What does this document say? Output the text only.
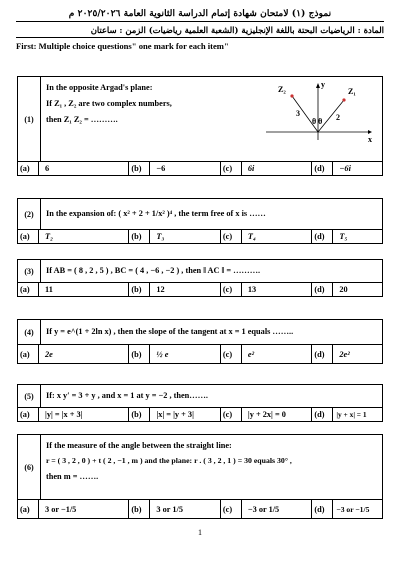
نموذج (١) لامتحان شهادة إتمام الدراسة الثانوية العامة ٢٠٢٥/٢٠٢٦ م
المادة : الرياضيات البحتة باللغة الإنجليزية (الشعبة العلمية رياضيات) الزمن : ساعتان
First: Multiple choice questions" one mark for each item"
(1)
In the opposite Argad's plane:
If Z₁ , Z₂ are two complex numbers,
then Z₁ Z₂ = ……….
Z₁
Z₂
y
x
3	2
θ θ
(a)	6	(b)	−6	(c)	6i	(d)	−6i
(2)	In the expansion of: ( x² + 2 + 1/x² )⁴ , the term free of x is ……
(a)	T₂	(b)	T₃	(c)	T₄	(d)	T₅
(3)	If AB = ( 8 , 2 , 5 ) , BC = ( 4 , −6 , −2 ) , then ‖ AC ‖ = ……….
(a)	11	(b)	12	(c)	13	(d)	20
(4)	If y = e^(1 + 2ln x) , then the slope of the tangent at x = 1 equals ……..
(a)	2e	(b)	½ e	(c)	e²	(d)	2e²
(5)	If: x y′ = 3 + y , and x = 1 at y = −2 , then…….
(a)	|y| = |x + 3|	(b)	|x| = |y + 3|	(c)	|y + 2x| = 0	(d)	|y + x| = 1
(6)
If the measure of the angle between the straight line:
r = ( 3 , 2 , 0 ) + t ( 2 , −1 , m ) and the plane: r . ( 3 , 2 , 1 ) = 30 equals 30° ,
then m = …….
(a)	3 or −1/5	(b)	3 or 1/5	(c)	−3 or 1/5	(d)	−3 or −1/5
1
